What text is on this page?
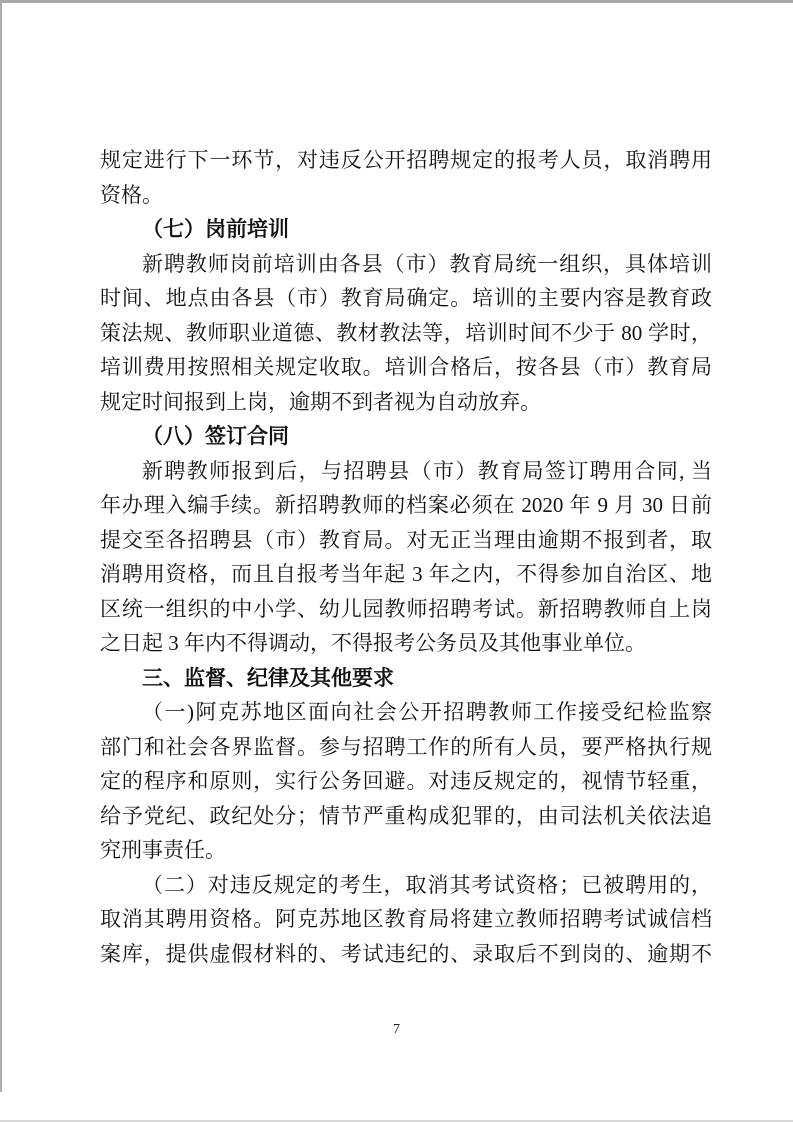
规定进行下一环节，对违反公开招聘规定的报考人员，取消聘用
资格。
（七）岗前培训
新聘教师岗前培训由各县（市）教育局统一组织，具体培训
时间、地点由各县（市）教育局确定。培训的主要内容是教育政
策法规、教师职业道德、教材教法等，培训时间不少于 80 学时，
培训费用按照相关规定收取。培训合格后，按各县（市）教育局
规定时间报到上岗，逾期不到者视为自动放弃。
（八）签订合同
新聘教师报到后，与招聘县（市）教育局签订聘用合同, 当
年办理入编手续。新招聘教师的档案必须在 2020 年 9 月 30 日前
提交至各招聘县（市）教育局。对无正当理由逾期不报到者，取
消聘用资格，而且自报考当年起 3 年之内，不得参加自治区、地
区统一组织的中小学、幼儿园教师招聘考试。新招聘教师自上岗
之日起 3 年内不得调动，不得报考公务员及其他事业单位。
三、监督、纪律及其他要求
（一)阿克苏地区面向社会公开招聘教师工作接受纪检监察
部门和社会各界监督。参与招聘工作的所有人员，要严格执行规
定的程序和原则，实行公务回避。对违反规定的，视情节轻重，
给予党纪、政纪处分；情节严重构成犯罪的，由司法机关依法追
究刑事责任。
（二）对违反规定的考生，取消其考试资格；已被聘用的，
取消其聘用资格。阿克苏地区教育局将建立教师招聘考试诚信档
案库，提供虚假材料的、考试违纪的、录取后不到岗的、逾期不
7
